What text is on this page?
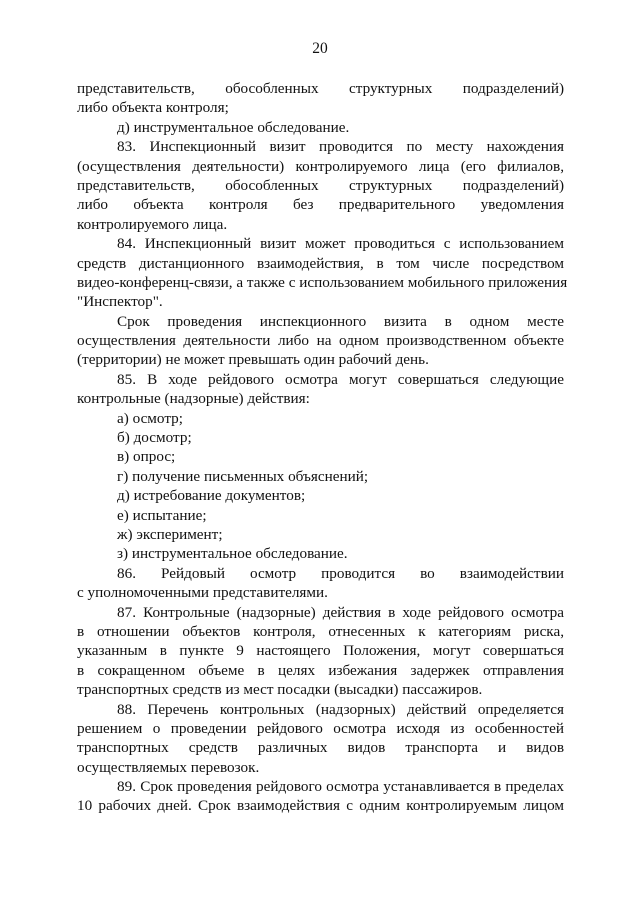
20
представительств, обособленных структурных подразделений)
либо объекта контроля;
д) инструментальное обследование.
83. Инспекционный визит проводится по месту нахождения
(осуществления деятельности) контролируемого лица (его филиалов,
представительств, обособленных структурных подразделений)
либо объекта контроля без предварительного уведомления
контролируемого лица.
84. Инспекционный визит может проводиться с использованием
средств дистанционного взаимодействия, в том числе посредством
видео-конференц-связи, а также с использованием мобильного приложения
"Инспектор".
Срок проведения инспекционного визита в одном месте
осуществления деятельности либо на одном производственном объекте
(территории) не может превышать один рабочий день.
85. В ходе рейдового осмотра могут совершаться следующие
контрольные (надзорные) действия:
а) осмотр;
б) досмотр;
в) опрос;
г) получение письменных объяснений;
д) истребование документов;
е) испытание;
ж) эксперимент;
з) инструментальное обследование.
86. Рейдовый осмотр проводится во взаимодействии
с уполномоченными представителями.
87. Контрольные (надзорные) действия в ходе рейдового осмотра
в отношении объектов контроля, отнесенных к категориям риска,
указанным в пункте 9 настоящего Положения, могут совершаться
в сокращенном объеме в целях избежания задержек отправления
транспортных средств из мест посадки (высадки) пассажиров.
88. Перечень контрольных (надзорных) действий определяется
решением о проведении рейдового осмотра исходя из особенностей
транспортных средств различных видов транспорта и видов
осуществляемых перевозок.
89. Срок проведения рейдового осмотра устанавливается в пределах
10 рабочих дней. Срок взаимодействия с одним контролируемым лицом
